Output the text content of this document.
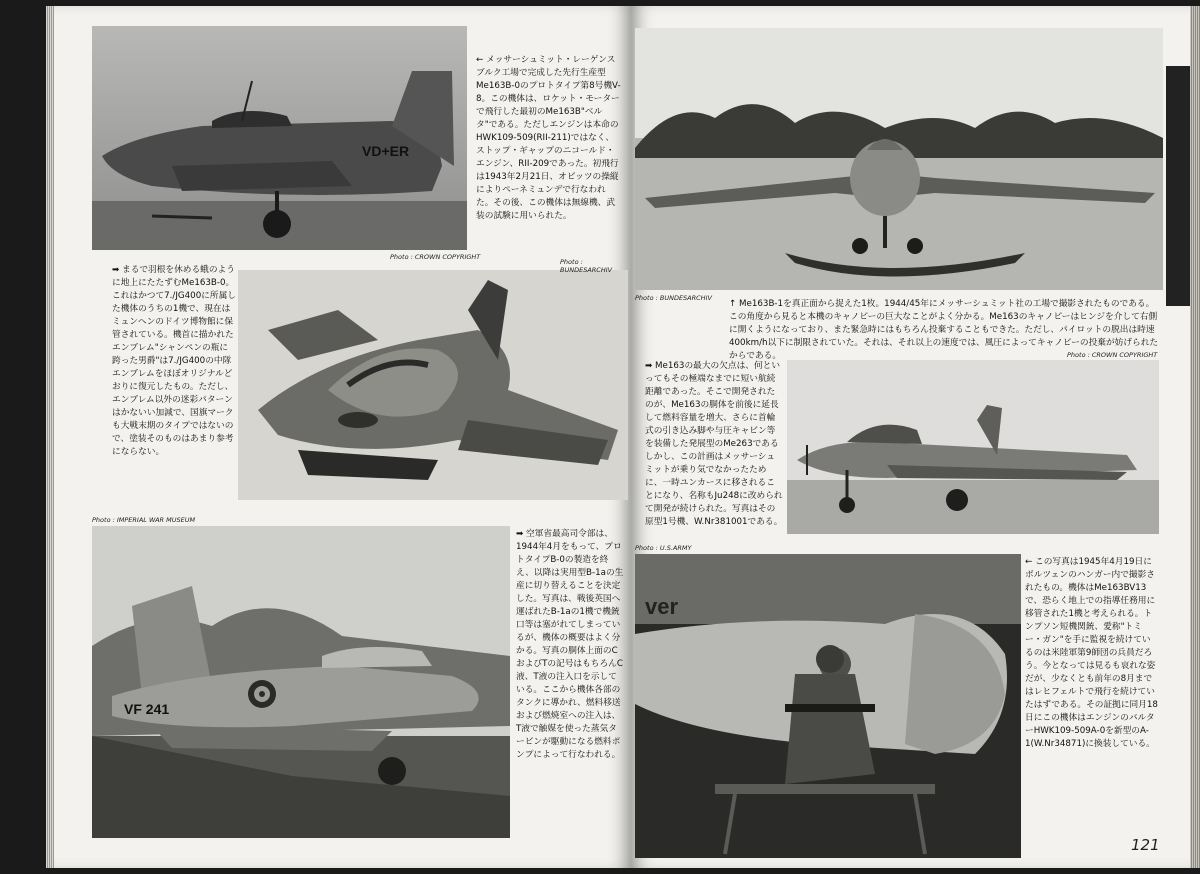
VD+ER
Photo : CROWN COPYRIGHT
← メッサーシュミット・レーゲンスブルク工場で完成した先行生産型Me163B-0のプロトタイプ第8号機V-8。この機体は、ロケット・モーターで飛行した最初のMe163B"ベルタ"である。ただしエンジンは本命のHWK109-509(RII-211)ではなく、ストップ・ギャップのニコールド・エンジン、RII-209であった。初飛行は1943年2月21日、オビッツの操縦によりペーネミュンデで行なわれた。その後、この機体は無線機、武装の試験に用いられた。
➡ まるで羽根を休める蛾のように地上にたたずむMe163B-0。これはかつて7./JG400に所属した機体のうちの1機で、現在はミュンヘンのドイツ博物館に保管されている。機首に描かれたエンブレム"シャンペンの瓶に跨った男爵"は7./JG400の中隊エンブレムをほぼオリジナルどおりに復元したもの。ただし、エンブレム以外の迷彩パターンはかないい加減で、国旗マークも大戦末期のタイプではないので、塗装そのものはあまり参考にならない。
Photo : BUNDESARCHIV
Photo : IMPERIAL WAR MUSEUM
VF 241
➡ 空軍省最高司令部は、1944年4月をもって、プロトタイプB-0の製造を終え、以降は実用型B-1aの生産に切り替えることを決定した。写真は、戦後英国へ運ばれたB-1aの1機で機銃口等は塞がれてしまっているが、機体の概要はよく分かる。写真の胴体上面のCおよびTの記号はもちろんC液、T液の注入口を示している。ここから機体各部のタンクに導かれ、燃料移送および燃焼室への注入は、T液で触媒を使った蒸気タービンが駆動になる燃料ポンプによって行なわれる。
Photo : BUNDESARCHIV
↑ Me163B-1を真正面から捉えた1枚。1944/45年にメッサーシュミット社の工場で撮影されたものである。この角度から見ると本機のキャノピーの巨大なことがよく分かる。Me163のキャノピーはヒンジを介して右側に開くようになっており、また緊急時にはもちろん投棄することもできた。ただし、パイロットの脱出は時速400km/h以下に制限されていた。それは、それ以上の速度では、風圧によってキャノピーの投棄が妨げられたからである。	Photo : CROWN COPYRIGHT
➡ Me163の最大の欠点は、何といってもその極端なまでに短い航続距離であった。そこで開発されたのが、Me163の胴体を前後に延長して燃料容量を増大、さらに首輪式の引き込み脚や与圧キャビン等を装備した発展型のMe263であるしかし、この計画はメッサーシュミットが乗り気でなかったために、一時ユンカースに移されることになり、名称もJu248に改められて開発が続けられた。写真はその原型1号機、W.Nr381001である。
Photo : U.S.ARMY
ver
← この写真は1945年4月19日にボルツェンのハンガー内で撮影されたもの。機体はMe163BV13で、恐らく地上での指導任務用に移管された1機と考えられる。トンプソン短機関銃、愛称"トミー・ガン"を手に監視を続けているのは米陸軍第9師団の兵員だろう。今となっては見るも哀れな姿だが、少なくとも前年の8月まではレヒフェルトで飛行を続けていたはずである。その証拠に同月18日にこの機体はエンジンのバルターHWK109-509A-0を新型のA-1(W.Nr34871)に換装している。
121
